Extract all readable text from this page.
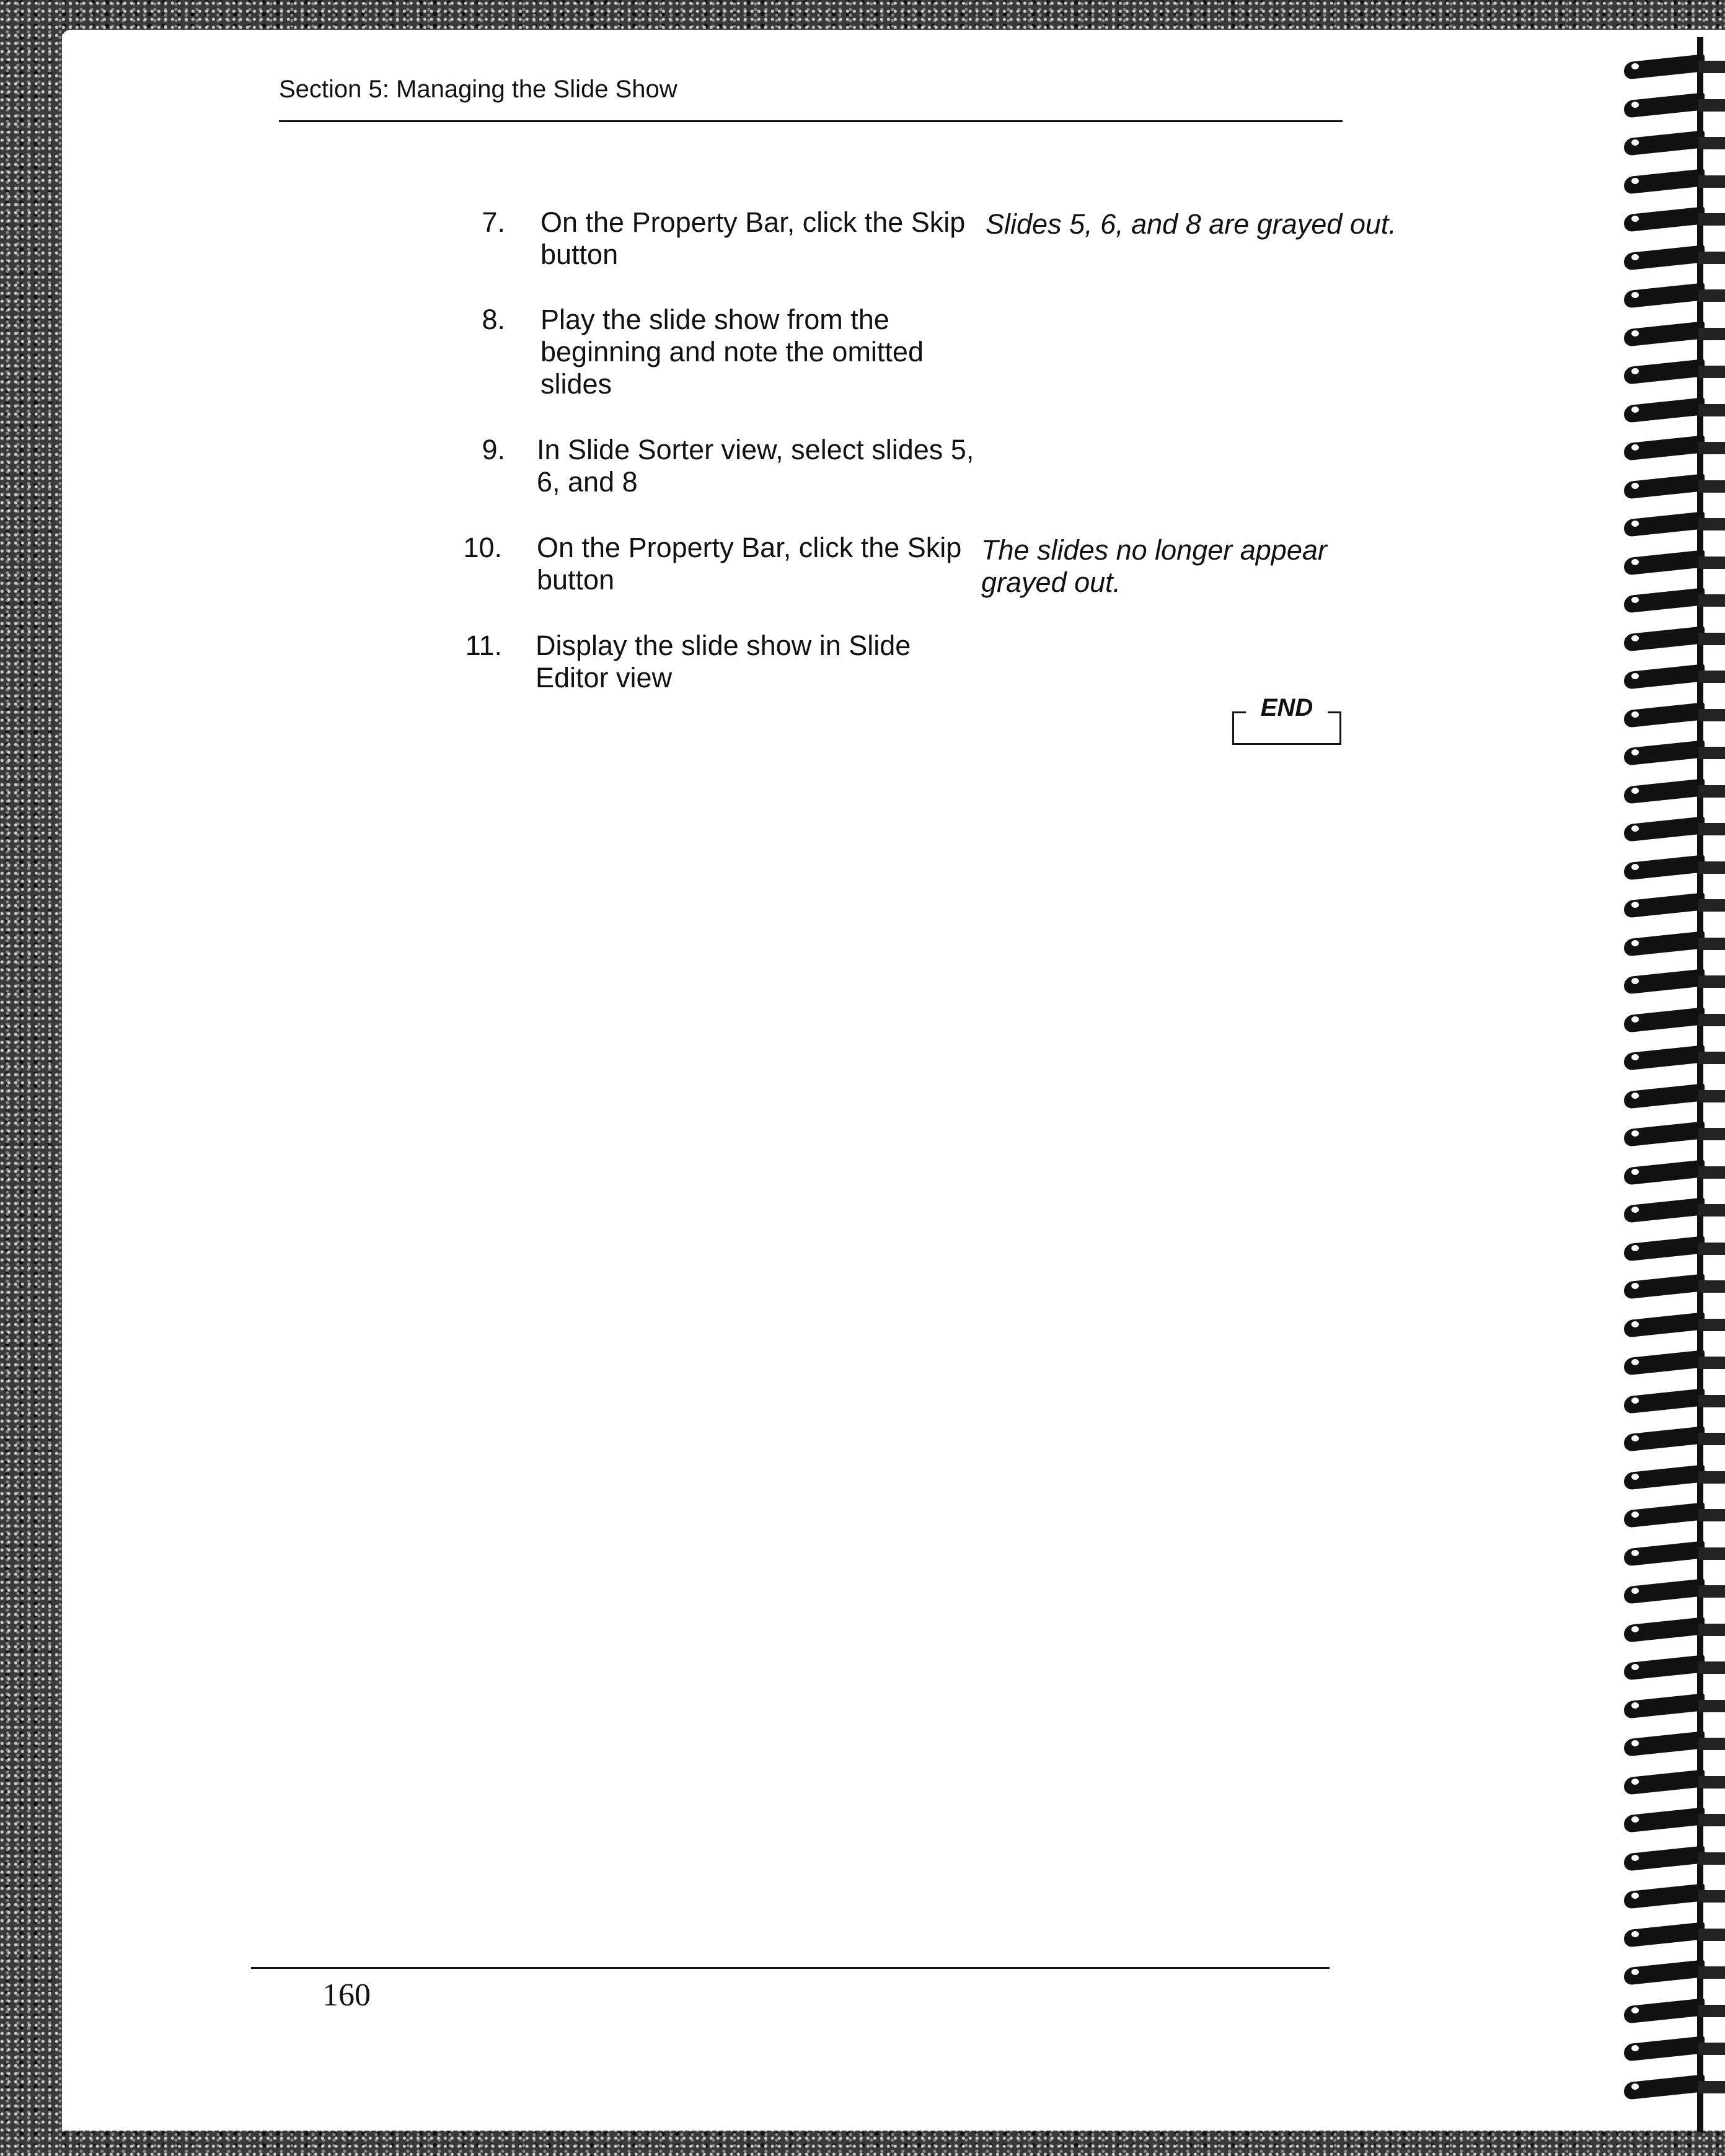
Section 5: Managing the Slide Show
7. On the Property Bar, click the Skip button
Slides 5, 6, and 8 are grayed out.
8. Play the slide show from the beginning and note the omitted slides
9. In Slide Sorter view, select slides 5, 6, and 8
10. On the Property Bar, click the Skip button
The slides no longer appear grayed out.
11. Display the slide show in Slide Editor view
END
160
